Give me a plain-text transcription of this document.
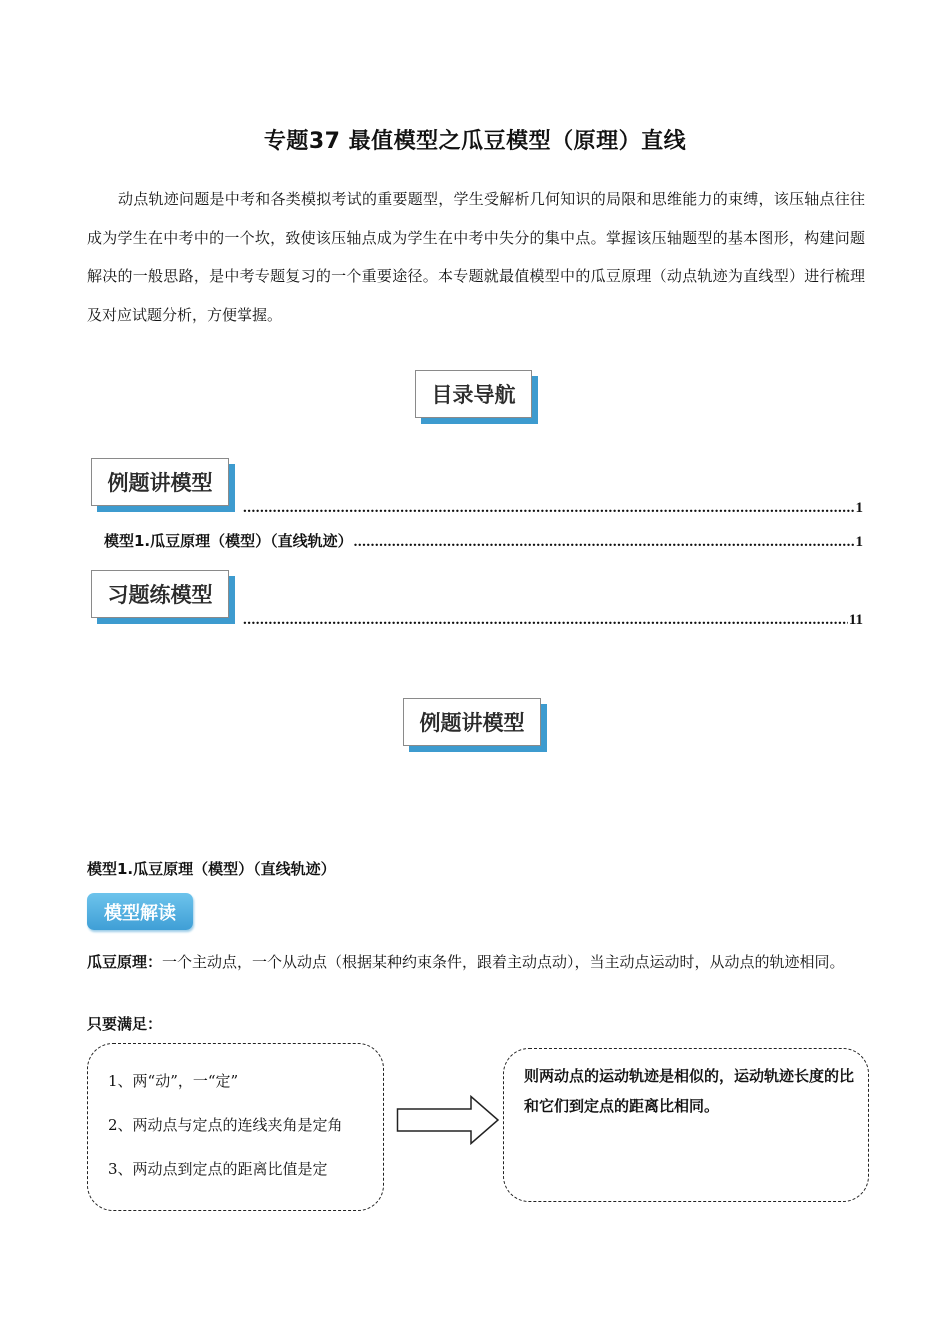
专题37 最值模型之瓜豆模型（原理）直线
动点轨迹问题是中考和各类模拟考试的重要题型，学生受解析几何知识的局限和思维能力的束缚，该压轴点往往成为学生在中考中的一个坎，致使该压轴点成为学生在中考中失分的集中点。掌握该压轴题型的基本图形，构建问题解决的一般思路，是中考专题复习的一个重要途径。本专题就最值模型中的瓜豆原理（动点轨迹为直线型）进行梳理及对应试题分析，方便掌握。
目录导航
例题讲模型
.....
1
模型1.瓜豆原理（模型）（直线轨迹）
.....	1
习题练模型
.....
11
例题讲模型
模型1.瓜豆原理（模型）（直线轨迹）
模型解读
瓜豆原理：一个主动点，一个从动点（根据某种约束条件，跟着主动点动），当主动点运动时，从动点的轨迹相同。
只要满足：

1、两“动”，一“定”

2、两动点与定点的连线夹角是定角

3、两动点到定点的距离比值是定

则两动点的运动轨迹是相似的，运动轨迹长度的比和它们到定点的距离比相同。
